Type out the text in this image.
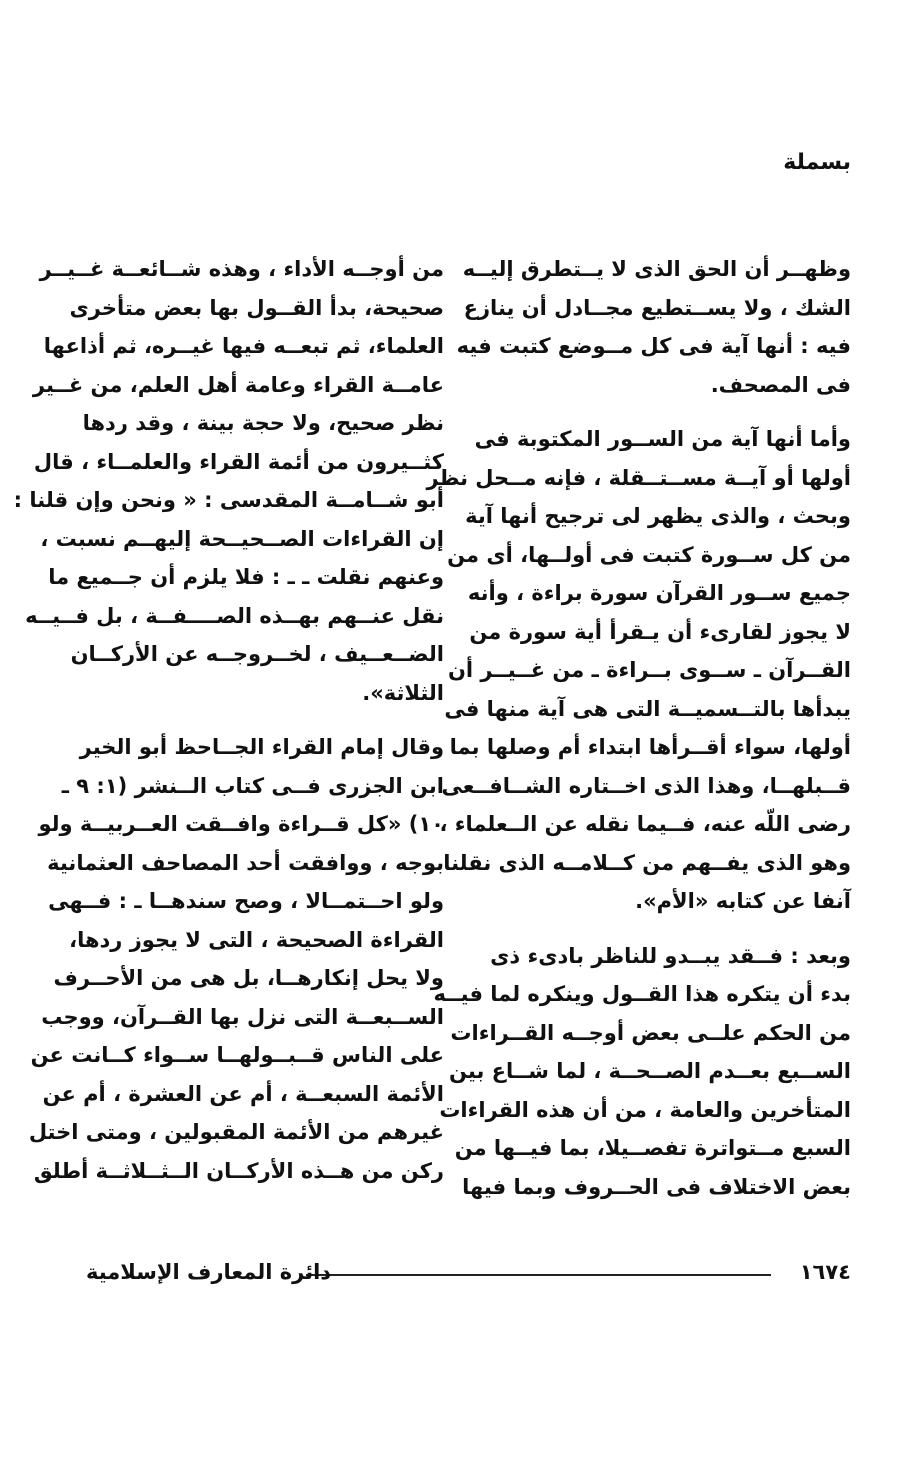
بسملة

وظهــر أن الحق الذى لا يــتطرق إليــه
الشك ، ولا يســتطيع مجــادل أن ينازع
فيه : أنها آية فى كل مــوضع كتبت فيه
فى المصحف.

وأما أنها آية من الســور المكتوبة فى
أولها أو آيــة مســتــقلة ، فإنه مــحل نظر
وبحث ، والذى يظهر لى ترجيح أنها آية
من كل ســورة كتبت فى أولــها، أى من
جميع ســور القرآن سورة براءة ، وأنه
لا يجوز لقارىء أن يـقرأ أية سورة من
القــرآن ـ ســوى بــراءة ـ من غــيــر أن
يبدأها بالتــسميــة التى هى آية منها فى
أولها، سواء أقــرأها ابتداء أم وصلها بما
قــبلهــا، وهذا الذى اخــتاره الشــافــعى
رضى اللّه عنه، فــيما نقله عن الــعلماء ،
وهو الذى يفــهم من كــلامــه الذى نقلنا
آنفا عن كتابه «الأم».

وبعد : فــقد يبــدو للناظر بادىء ذى
بدء أن يتكره هذا القــول وينكره لما فيــه
من الحكم علــى بعض أوجــه القــراءات
الســبع بعــدم الصــحــة ، لما شــاع بين
المتأخرين والعامة ، من أن هذه القراءات
السبع مــتواترة تفصــيلا، بما فيــها من
بعض الاختلاف فى الحــروف وبما فيها

من أوجــه الأداء ، وهذه شــائعــة غــيــر
صحيحة، بدأ القــول بها بعض متأخرى
العلماء، ثم تبعــه فيها غيــره، ثم أذاعها
عامــة القراء وعامة أهل العلم، من غــير
نظر صحيح، ولا حجة بينة ، وقد ردها
كثــيرون من أئمة القراء والعلمــاء ، قال
أبو شــامــة المقدسى : « ونحن وإن قلنا :
إن القراءات الصــحيــحة إليهــم نسبت ،
وعنهم نقلت ـ ـ : فلا يلزم أن جــميع ما
نقل عنــهم بهــذه الصــــفــة ، بل فــيــه
الضــعــيف ، لخــروجــه عن الأركــان
الثلاثة».

وقال إمام القراء الجــاحظ أبو الخير
ابن الجزرى فــى كتاب الــنشر (١: ٩ ـ
١٠) «كل قــراءة وافــقت العــربيــة ولو
بوجه ، ووافقت أحد المصاحف العثمانية
ولو احــتمــالا ، وصح سندهــا ـ : فــهى
القراءة الصحيحة ، التى لا يجوز ردها،
ولا يحل إنكارهــا، بل هى من الأحــرف
الســبعــة التى نزل بها القــرآن، ووجب
على الناس قــبــولهــا ســواء كــانت عن
الأئمة السبعــة ، أم عن العشرة ، أم عن
غيرهم من الأئمة المقبولين ، ومتى اختل
ركن من هــذه الأركــان الــثــلاثــة أطلق

١٦٧٤
دائرة المعارف الإسلامية
